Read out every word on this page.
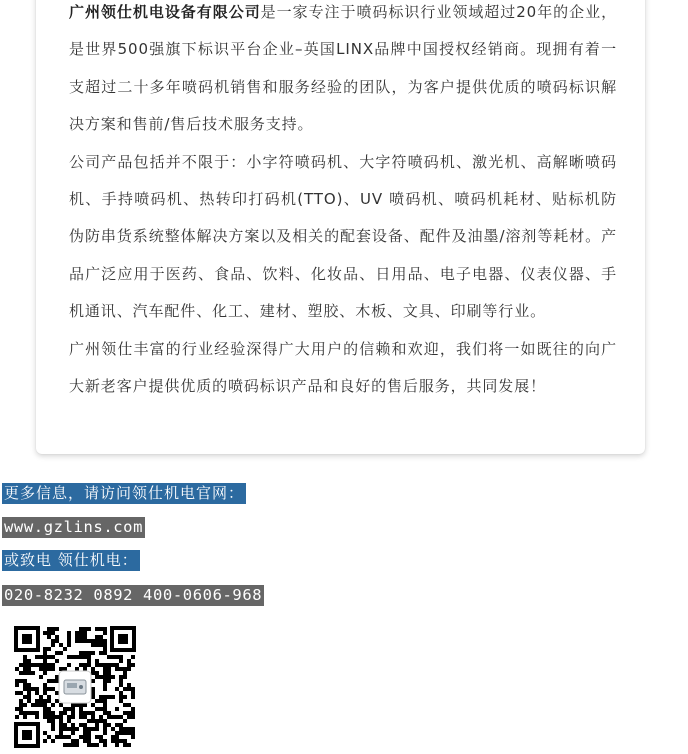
广州领仕机电设备有限公司是一家专注于喷码标识行业领域超过20年的企业，是世界500强旗下标识平台企业–英国LINX品牌中国授权经销商。现拥有着一支超过二十多年喷码机销售和服务经验的团队，为客户提供优质的喷码标识解决方案和售前/售后技术服务支持。

公司产品包括并不限于：小字符喷码机、大字符喷码机、激光机、高解晰喷码机、手持喷码机、热转印打码机(TTO)、UV 喷码机、喷码机耗材、贴标机防伪防串货系统整体解决方案以及相关的配套设备、配件及油墨/溶剂等耗材。产品广泛应用于医药、食品、饮料、化妆品、日用品、电子电器、仪表仪器、手机通讯、汽车配件、化工、建材、塑胶、木板、文具、印刷等行业。

广州领仕丰富的行业经验深得广大用户的信赖和欢迎，我们将一如既往的向广大新老客户提供优质的喷码标识产品和良好的售后服务，共同发展！

更多信息，请访问领仕机电官网：
www.gzlins.com
或致电 领仕机电：
020-8232 0892 400-0606-968
